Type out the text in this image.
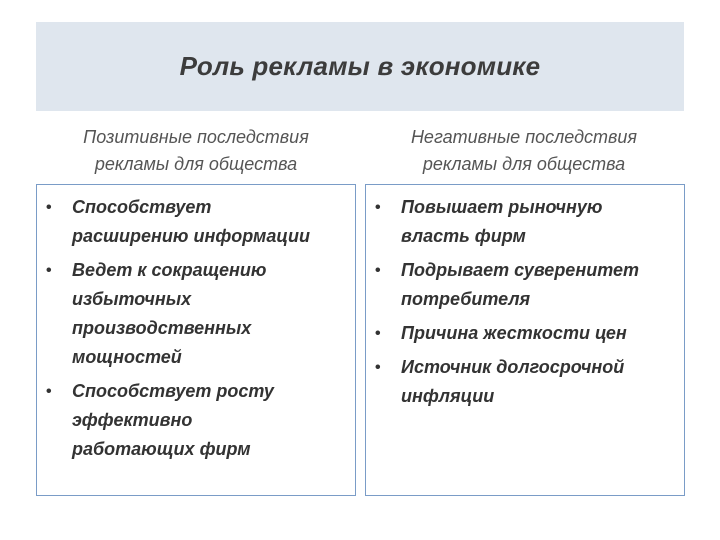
Роль рекламы в экономике
Позитивные последствия
рекламы для общества
Негативные последствия
рекламы для общества
• Способствует
расширению информации
• Ведет к сокращению
избыточных
производственных
мощностей
• Способствует росту
эффективно
работающих фирм
• Повышает рыночную
власть фирм
• Подрывает суверенитет
потребителя
• Причина жесткости цен
• Источник долгосрочной
инфляции
